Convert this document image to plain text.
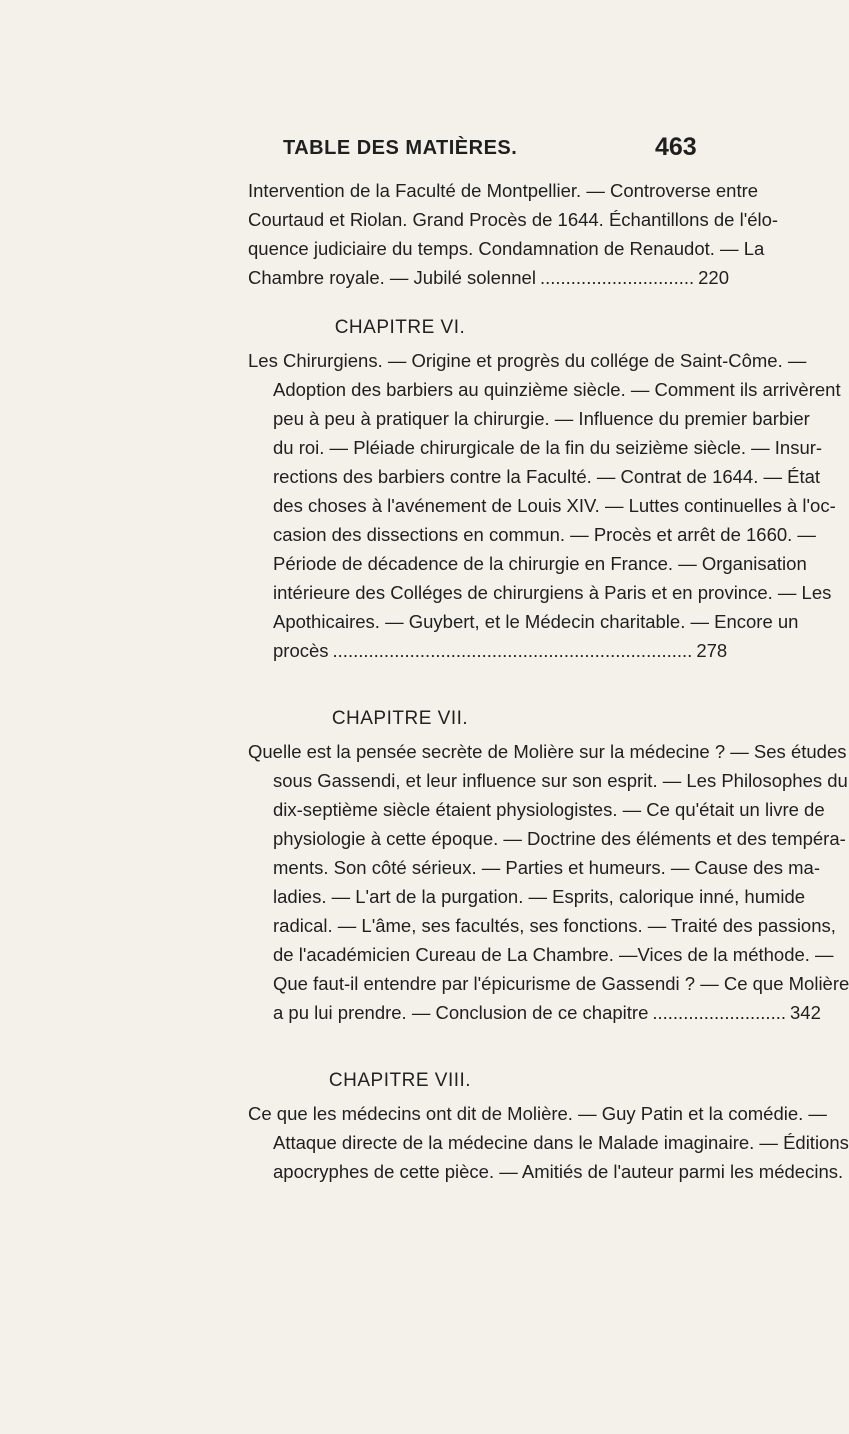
TABLE DES MATIÈRES.	463
Intervention de la Faculté de Montpellier. — Controverse entre
Courtaud et Riolan. Grand Procès de 1644. Échantillons de l'élo-
quence judiciaire du temps. Condamnation de Renaudot. — La
Chambre royale. — Jubilé solennel .............................. 220
CHAPITRE VI.
Les Chirurgiens. — Origine et progrès du collége de Saint-Côme. —
Adoption des barbiers au quinzième siècle. — Comment ils arrivèrent
peu à peu à pratiquer la chirurgie. — Influence du premier barbier
du roi. — Pléiade chirurgicale de la fin du seizième siècle. — Insur-
rections des barbiers contre la Faculté. — Contrat de 1644. — État
des choses à l'avénement de Louis XIV. — Luttes continuelles à l'oc-
casion des dissections en commun. — Procès et arrêt de 1660. —
Période de décadence de la chirurgie en France. — Organisation
intérieure des Colléges de chirurgiens à Paris et en province. — Les
Apothicaires. — Guybert, et le Médecin charitable. — Encore un
procès ...................................................................... 278
CHAPITRE VII.
Quelle est la pensée secrète de Molière sur la médecine ? — Ses études
sous Gassendi, et leur influence sur son esprit. — Les Philosophes du
dix-septième siècle étaient physiologistes. — Ce qu'était un livre de
physiologie à cette époque. — Doctrine des éléments et des tempéra-
ments. Son côté sérieux. — Parties et humeurs. — Cause des ma-
ladies. — L'art de la purgation. — Esprits, calorique inné, humide
radical. — L'âme, ses facultés, ses fonctions. — Traité des passions,
de l'académicien Cureau de La Chambre. —Vices de la méthode. —
Que faut-il entendre par l'épicurisme de Gassendi ? — Ce que Molière
a pu lui prendre. — Conclusion de ce chapitre .......................... 342
CHAPITRE VIII.
Ce que les médecins ont dit de Molière. — Guy Patin et la comédie. —
Attaque directe de la médecine dans le Malade imaginaire. — Éditions
apocryphes de cette pièce. — Amitiés de l'auteur parmi les médecins.
